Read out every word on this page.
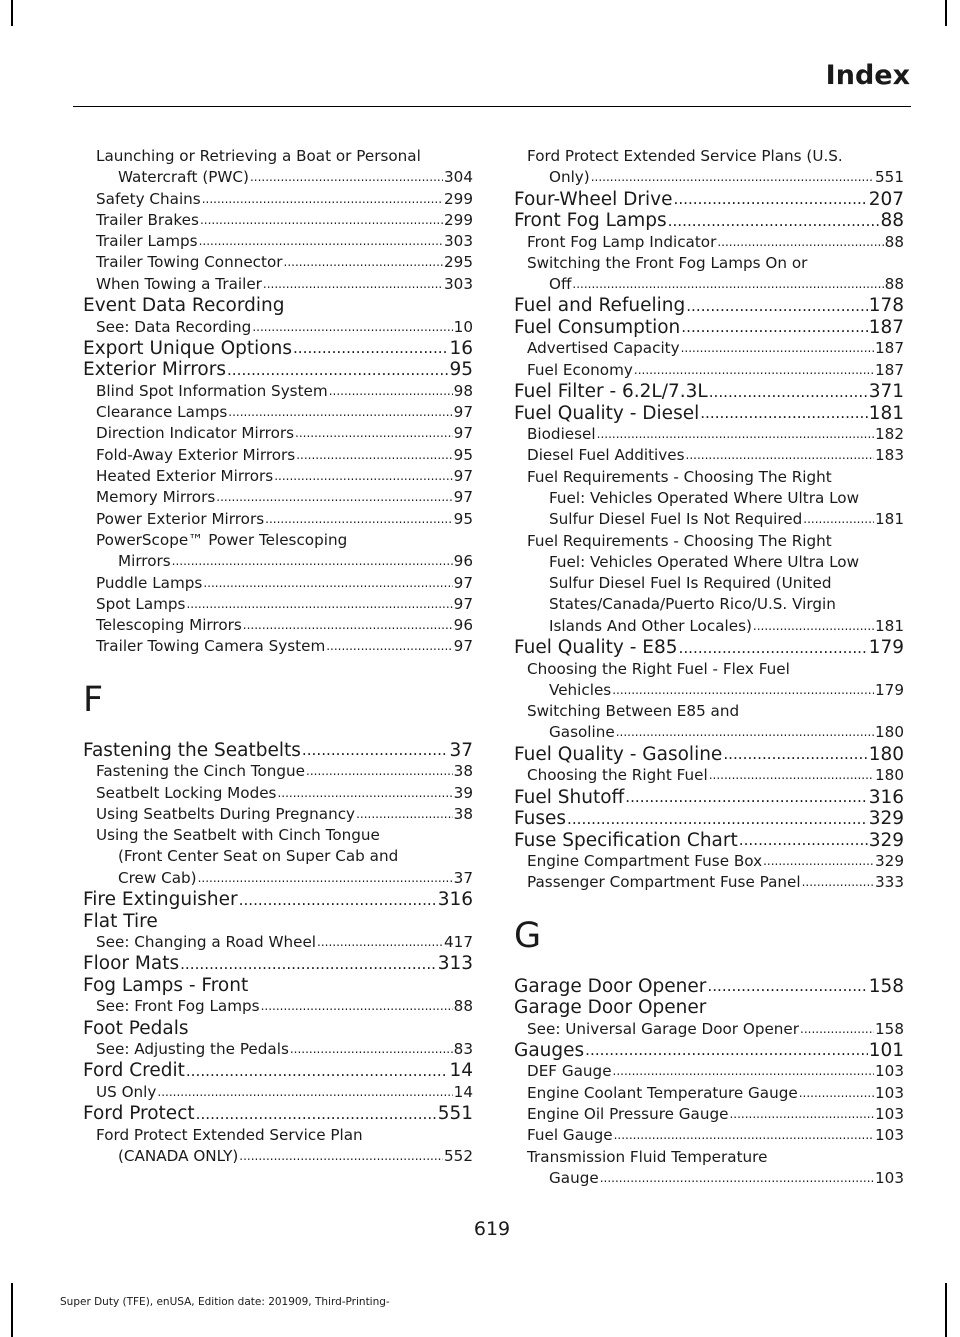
Index
Launching or Retrieving a Boat or Personal
Watercraft (PWC) .....	304
Safety Chains .....	299
Trailer Brakes .....	299
Trailer Lamps .....	303
Trailer Towing Connector .....	295
When Towing a Trailer .....	303
Event Data Recording
See: Data Recording .....	10
Export Unique Options .....	16
Exterior Mirrors .....	95
Blind Spot Information System .....	98
Clearance Lamps .....	97
Direction Indicator Mirrors .....	97
Fold-Away Exterior Mirrors .....	95
Heated Exterior Mirrors .....	97
Memory Mirrors .....	97
Power Exterior Mirrors .....	95
PowerScope™ Power Telescoping
Mirrors .....	96
Puddle Lamps .....	97
Spot Lamps .....	97
Telescoping Mirrors .....	96
Trailer Towing Camera System .....	97
F
Fastening the Seatbelts .....	37
Fastening the Cinch Tongue .....	38
Seatbelt Locking Modes .....	39
Using Seatbelts During Pregnancy .....	38
Using the Seatbelt with Cinch Tongue
(Front Center Seat on Super Cab and
Crew Cab) .....	37
Fire Extinguisher .....	316
Flat Tire
See: Changing a Road Wheel .....	417
Floor Mats .....	313
Fog Lamps - Front
See: Front Fog Lamps .....	88
Foot Pedals
See: Adjusting the Pedals .....	83
Ford Credit .....	14
US Only .....	14
Ford Protect .....	551
Ford Protect Extended Service Plan
(CANADA ONLY) .....	552
Ford Protect Extended Service Plans (U.S.
Only) .....	551
Four-Wheel Drive .....	207
Front Fog Lamps .....	88
Front Fog Lamp Indicator .....	88
Switching the Front Fog Lamps On or
Off .....	88
Fuel and Refueling .....	178
Fuel Consumption .....	187
Advertised Capacity .....	187
Fuel Economy .....	187
Fuel Filter - 6.2L/7.3L .....	371
Fuel Quality - Diesel .....	181
Biodiesel .....	182
Diesel Fuel Additives .....	183
Fuel Requirements - Choosing The Right
Fuel: Vehicles Operated Where Ultra Low
Sulfur Diesel Fuel Is Not Required .....	181
Fuel Requirements - Choosing The Right
Fuel: Vehicles Operated Where Ultra Low
Sulfur Diesel Fuel Is Required (United
States/Canada/Puerto Rico/U.S. Virgin
Islands And Other Locales) .....	181
Fuel Quality - E85 .....	179
Choosing the Right Fuel - Flex Fuel
Vehicles .....	179
Switching Between E85 and
Gasoline .....	180
Fuel Quality - Gasoline .....	180
Choosing the Right Fuel .....	180
Fuel Shutoff .....	316
Fuses .....	329
Fuse Specification Chart .....	329
Engine Compartment Fuse Box .....	329
Passenger Compartment Fuse Panel .....	333
G
Garage Door Opener .....	158
Garage Door Opener
See: Universal Garage Door Opener .....	158
Gauges .....	101
DEF Gauge .....	103
Engine Coolant Temperature Gauge .....	103
Engine Oil Pressure Gauge .....	103
Fuel Gauge .....	103
Transmission Fluid Temperature
Gauge .....	103
619
Super Duty (TFE), enUSA, Edition date: 201909, Third-Printing-
